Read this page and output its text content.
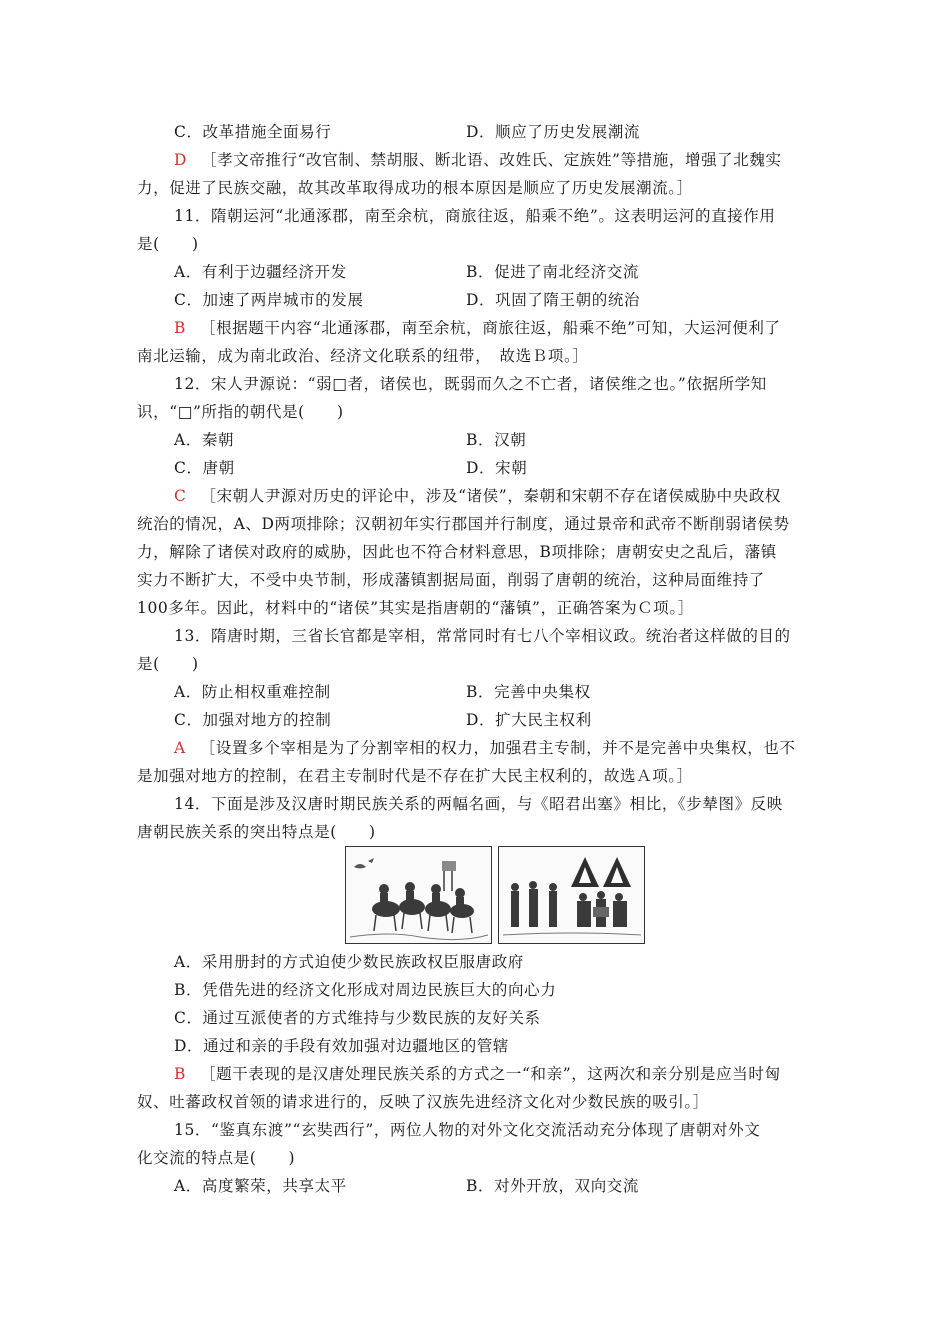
C．改革措施全面易行	D．顺应了历史发展潮流
D ［孝文帝推行“改官制、禁胡服、断北语、改姓氏、定族姓”等措施，增强了北魏实
力，促进了民族交融，故其改革取得成功的根本原因是顺应了历史发展潮流。］
11．隋朝运河“北通涿郡，南至余杭，商旅往返，船乘不绝”。这表明运河的直接作用
是(　　)
A．有利于边疆经济开发	B．促进了南北经济交流
C．加速了两岸城市的发展	D．巩固了隋王朝的统治
B ［根据题干内容“北通涿郡，南至余杭，商旅往返，船乘不绝”可知，大运河便利了
南北运输，成为南北政治、经济文化联系的纽带，　故选Ｂ项。］
12．宋人尹源说：“弱□者，诸侯也，既弱而久之不亡者，诸侯维之也。”依据所学知
识，“□”所指的朝代是(　　)
A．秦朝	B．汉朝
C．唐朝	D．宋朝
C ［宋朝人尹源对历史的评论中，涉及“诸侯”，秦朝和宋朝不存在诸侯威胁中央政权
统治的情况，A、D两项排除；汉朝初年实行郡国并行制度，通过景帝和武帝不断削弱诸侯势
力，解除了诸侯对政府的威胁，因此也不符合材料意思，B项排除；唐朝安史之乱后，藩镇
实力不断扩大，不受中央节制，形成藩镇割据局面，削弱了唐朝的统治，这种局面维持了
100多年。因此，材料中的“诸侯”其实是指唐朝的“藩镇”，正确答案为Ｃ项。］
13．隋唐时期，三省长官都是宰相，常常同时有七八个宰相议政。统治者这样做的目的
是(　　)
A．防止相权重难控制	B．完善中央集权
C．加强对地方的控制	D．扩大民主权利
A ［设置多个宰相是为了分割宰相的权力，加强君主专制，并不是完善中央集权，也不
是加强对地方的控制，在君主专制时代是不存在扩大民主权利的，故选Ａ项。］
14．下面是涉及汉唐时期民族关系的两幅名画，与《昭君出塞》相比，《步辇图》反映
唐朝民族关系的突出特点是(　　)
A．采用册封的方式迫使少数民族政权臣服唐政府
B．凭借先进的经济文化形成对周边民族巨大的向心力
C．通过互派使者的方式维持与少数民族的友好关系
D．通过和亲的手段有效加强对边疆地区的管辖
B ［题干表现的是汉唐处理民族关系的方式之一“和亲”，这两次和亲分别是应当时匈
奴、吐蕃政权首领的请求进行的，反映了汉族先进经济文化对少数民族的吸引。］
15．“鉴真东渡”“玄奘西行”，两位人物的对外文化交流活动充分体现了唐朝对外文
化交流的特点是(　　)
A．高度繁荣，共享太平	B．对外开放，双向交流
